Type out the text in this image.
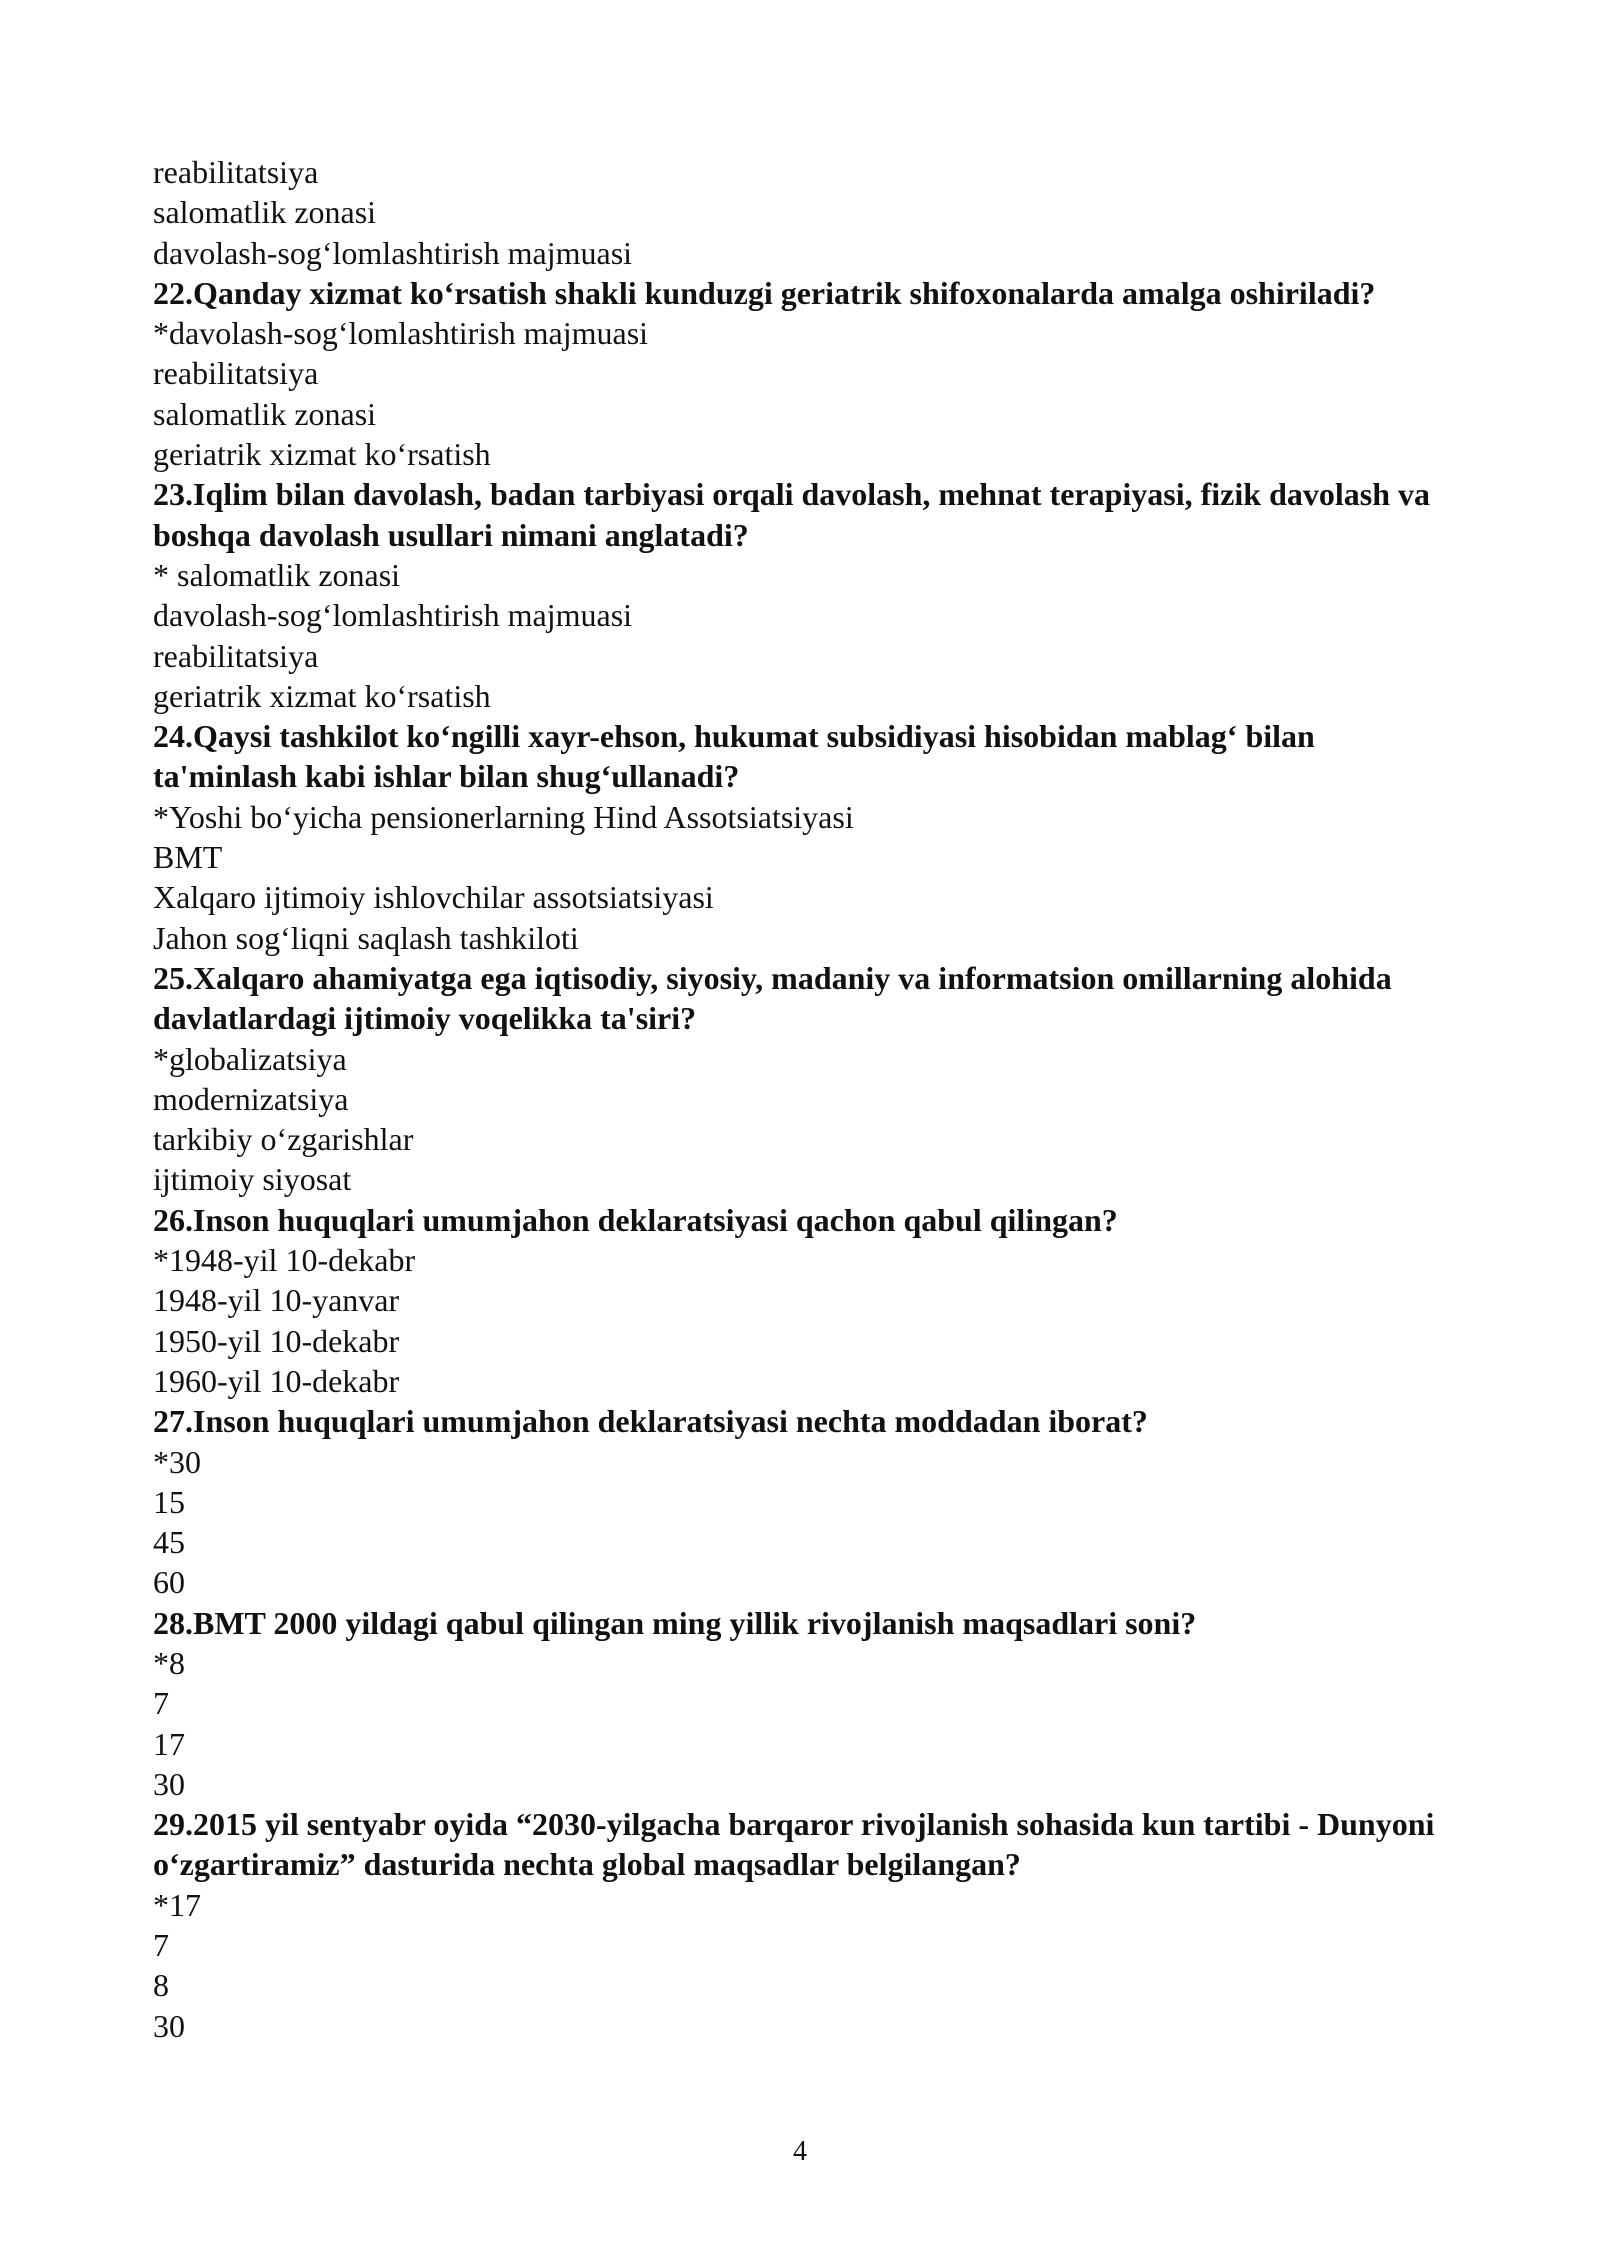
reabilitatsiya

salomatlik zonasi

davolash-sog‘lomlashtirish majmuasi

22.Qanday xizmat ko‘rsatish shakli kunduzgi geriatrik shifoxonalarda amalga oshiriladi?

*davolash-sog‘lomlashtirish majmuasi

reabilitatsiya

salomatlik zonasi

geriatrik xizmat ko‘rsatish

23.Iqlim bilan davolash, badan tarbiyasi orqali davolash, mehnat terapiyasi, fizik davolash va boshqa davolash usullari nimani anglatadi?

* salomatlik zonasi

davolash-sog‘lomlashtirish majmuasi

reabilitatsiya

geriatrik xizmat ko‘rsatish

24.Qaysi tashkilot ko‘ngilli xayr-ehson, hukumat subsidiyasi hisobidan mablag‘ bilan ta'minlash kabi ishlar bilan shug‘ullanadi?

*Yoshi bo‘yicha pensionerlarning Hind Assotsiatsiyasi

BMT

Xalqaro ijtimoiy ishlovchilar assotsiatsiyasi

Jahon sog‘liqni saqlash tashkiloti

25.Xalqaro ahamiyatga ega iqtisodiy, siyosiy, madaniy va informatsion omillarning alohida davlatlardagi ijtimoiy voqelikka ta'siri?

*globalizatsiya

modernizatsiya

tarkibiy o‘zgarishlar

ijtimoiy siyosat

26.Inson huquqlari umumjahon deklaratsiyasi qachon qabul qilingan?

*1948-yil 10-dekabr

1948-yil 10-yanvar

1950-yil 10-dekabr

1960-yil 10-dekabr

27.Inson huquqlari umumjahon deklaratsiyasi nechta moddadan iborat?

*30

15

45

60

28.BMT 2000 yildagi qabul qilingan ming yillik rivojlanish maqsadlari soni?

*8

7

17

30

29.2015 yil sentyabr oyida “2030-yilgacha barqaror rivojlanish sohasida kun tartibi - Dunyoni o‘zgartiramiz” dasturida nechta global maqsadlar belgilangan?

*17

7

8

30

4
